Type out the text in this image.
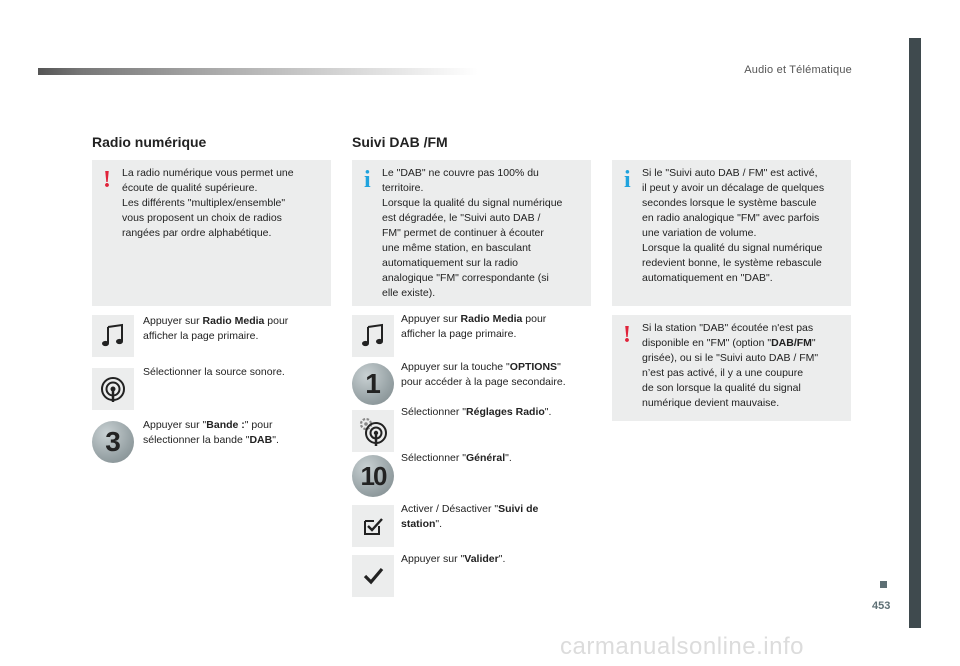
Audio et Télématique
453
carmanualsonline.info
Radio numérique
! La radio numérique vous permet une
écoute de qualité supérieure.
Les différents "multiplex/ensemble"
vous proposent un choix de radios
rangées par ordre alphabétique.
Appuyer sur Radio Media pour
afficher la page primaire.
Sélectionner la source sonore.
3
Appuyer sur "Bande :" pour
sélectionner la bande "DAB".
Suivi DAB /FM
i Le "DAB" ne couvre pas 100% du
territoire.
Lorsque la qualité du signal numérique
est dégradée, le "Suivi auto DAB /
FM" permet de continuer à écouter
une même station, en basculant
automatiquement sur la radio
analogique "FM" correspondante (si
elle existe).
i Si le "Suivi auto DAB / FM" est activé,
il peut y avoir un décalage de quelques
secondes lorsque le système bascule
en radio analogique "FM" avec parfois
une variation de volume.
Lorsque la qualité du signal numérique
redevient bonne, le système rebascule
automatiquement en "DAB".
! Si la station "DAB" écoutée n'est pas
disponible en "FM" (option "DAB/FM"
grisée), ou si le "Suivi auto DAB / FM"
n’est pas activé, il y a une coupure
de son lorsque la qualité du signal
numérique devient mauvaise.
Appuyer sur Radio Media pour
afficher la page primaire.
1
Appuyer sur la touche "OPTIONS"
pour accéder à la page secondaire.
Sélectionner "Réglages Radio".
10
Sélectionner "Général".
Activer / Désactiver "Suivi de
station".
Appuyer sur "Valider".
